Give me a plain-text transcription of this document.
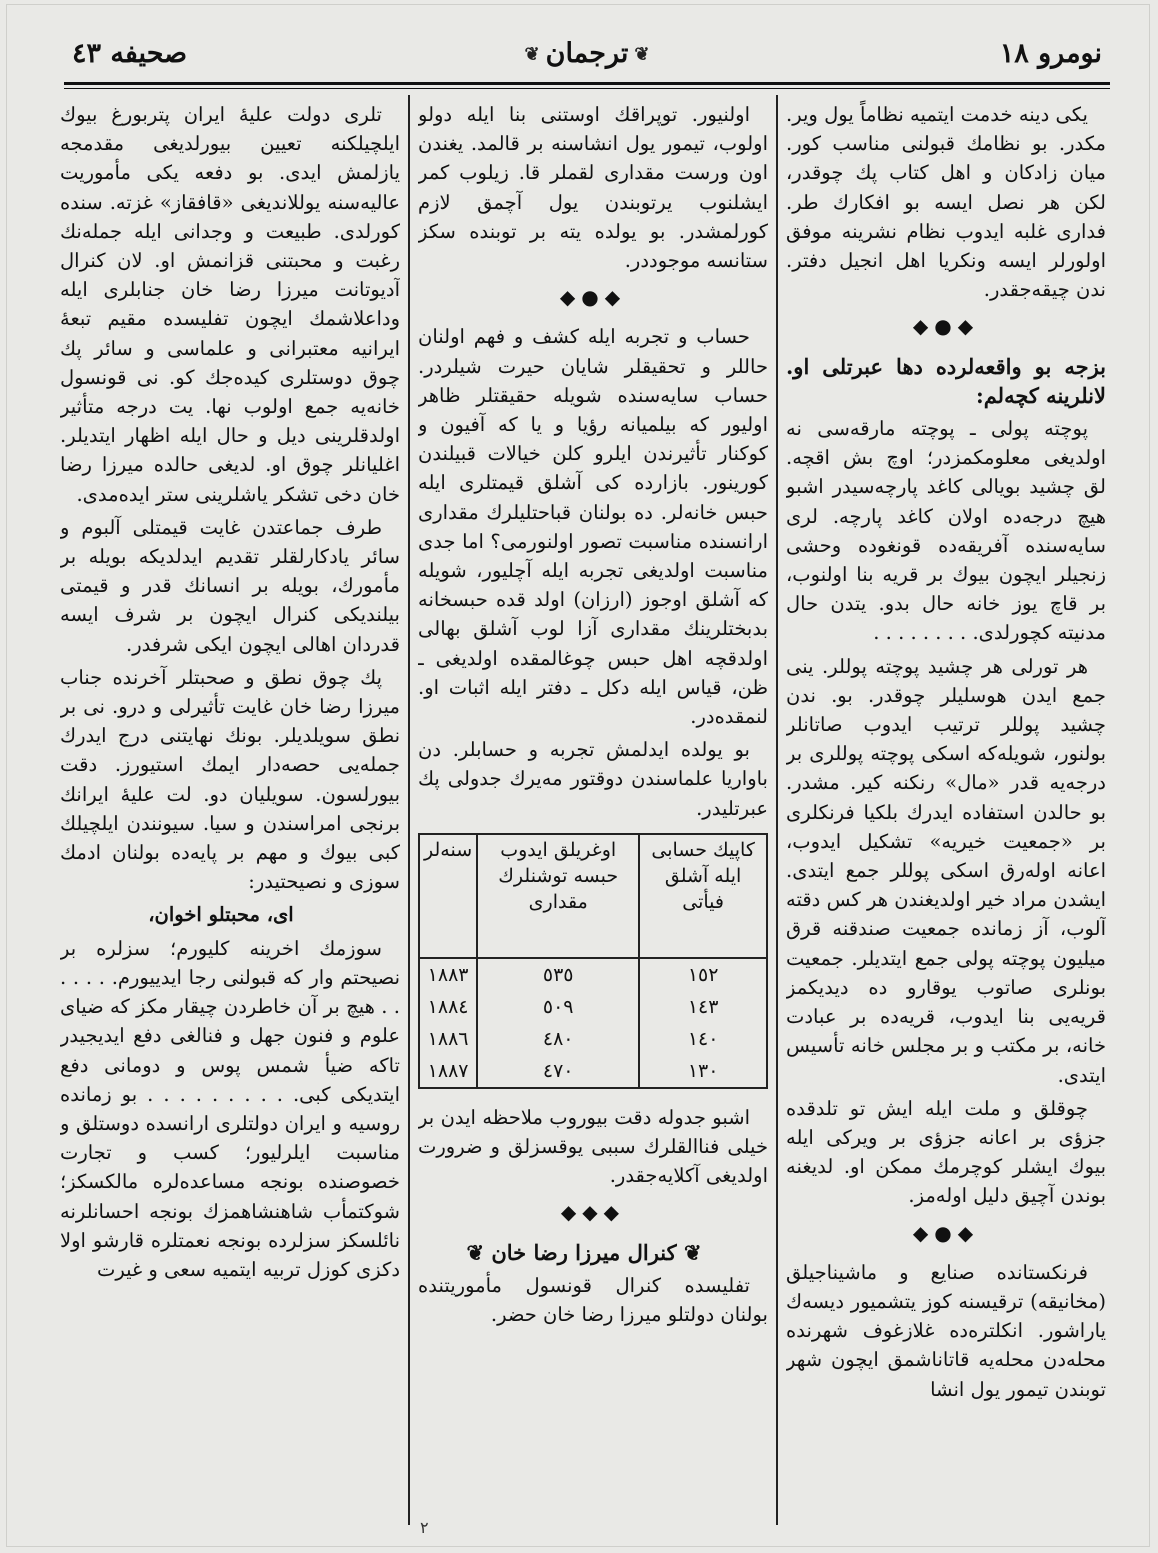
صحیفه ٤٣	❦ ترجمان ❦	نومرو ١٨

یکی دینه خدمت ایتمیه نظاماً یول ویر. مکدر. بو نظامك قبولنی مناسب کور. میان زادکان و اهل کتاب پك چوقدر، لکن هر نصل ایسه بو افکارك طر. فداری غلبه ایدوب نظام نشرینه موفق اولورلر ایسه ونکریا اهل انجیل دفتر. ندن چیقه‌جقدر.

◆●◆

بزجه بو واقعه‌لرده دها عبرتلی او. لانلرینه کچه‌لم:

پوچته پولی ـ پوچته مارقه‌سی نه اولدیغی معلومکمزدر؛ اوچ بش اقچه‌. لق چشید بویالی کاغد پارچه‌سیدر اشبو هیچ درجه‌ده اولان کاغد پارچه‌. لری سایه‌سنده آفریقه‌ده قونغوده وحشی زنجیلر ایچون بیوك بر قریه بنا اولنوب، بر قاچ یوز خانه حال بدو. یتدن حال مدنیته کچورلدی. . . . . . . . .

هر تورلی هر چشید پوچته پوللر. ینی جمع ایدن هوسلیلر چوقدر. بو. ندن چشید پوللر ترتیب ایدوب صاتانلر بولنور، شویله‌که اسکی پوچته پوللری بر درجه‌یه قدر «مال» رنکنه کیر. مشدر. بو حالدن استفاده ایدرك بلکیا فرنکلری بر «جمعیت خیریه» تشکیل ایدوب، اعانه اوله‌رق اسکی پوللر جمع ایتدی. ایشدن مراد خیر اولدیغندن هر کس دقته آلوب، آز زمانده جمعیت صندقنه قرق میلیون پوچته پولی جمع ایتدیلر. جمعیت بونلری صاتوب یوقارو ده دیدیکمز قریه‌یی بنا ایدوب، قریه‌ده بر عبادت خانه، بر مکتب و بر مجلس خانه تأسیس ایتدی.

چوقلق و ملت ایله ایش تو تلدقده جزؤی بر اعانه جزؤی بر ویرکی ایله بیوك ایشلر کوچرمك ممکن او. لدیغنه بوندن آچیق دلیل اوله‌مز.

◆●◆

فرنکستانده صنایع و ماشیناجیلق (مخانیقه) ترقیسنه کوز یتشمیور دیسه‌ك یاراشور. انکلتره‌ده غلازغوف شهرنده محله‌دن محله‌یه قاتاناشمق ایچون شهر توبندن تیمور یول انشا

اولنیور. توپراقك اوستنی بنا ایله دولو اولوب، تیمور یول انشاسنه بر قالمد. یغندن اون ورست مقداری لقملر قا. زیلوب کمر ایشلنوب یرتوبندن یول آچمق لازم کورلمشدر. بو یولده یته بر توبنده سکز ستانسه موجوددر.

◆●◆

حساب و تجربه ایله کشف و فهم اولنان حاللر و تحقیقلر شایان حیرت شیلردر. حساب سایه‌سنده شویله حقیقتلر ظاهر اولیور که بیلمیانه رؤیا و یا که آفیون و کوکنار تأثیرندن ایلرو کلن خیالات قبیلندن کورینور. بازارده کی آشلق قیمتلری ایله حبس خانه‌لر. ده بولنان قباحتلیلرك مقداری ارانسنده مناسبت تصور اولنورمی؟ اما جدی مناسبت اولدیغی تجربه ایله آچلیور، شویله که آشلق اوجوز (ارزان) اولد قده حبسخانه بدبختلرینك مقداری آزا لوب آشلق بهالی اولدقچه اهل حبس چوغالمقده اولدیغی ـ ظن، قیاس ایله دکل ـ دفتر ایله اثبات او. لنمقده‌در.

بو یولده ایدلمش تجربه و حسابلر. دن باواریا علماسندن دوقتور مه‌یرك جدولی پك عبرتلیدر.

کاپیك حسابی ایله آشلق فیأتی	اوغریلق ایدوب حبسه توشنلرك مقداری	سنه‌لر
١٥٢	٥٣٥	١٨٨٣
١٤٣	٥٠٩	١٨٨٤
١٤٠	٤٨٠	١٨٨٦
١٣٠	٤٧٠	١٨٨٧

اشبو جدوله دقت بیوروب ملاحظه ایدن بر خیلی فناالقلرك سببی یوقسزلق و ضرورت اولدیغی آکلایه‌جقدر.

◆◆◆

❦ کنرال میرزا رضا خان ❦

تفلیسده کنرال قونسول مأموریتنده بولنان دولتلو میرزا رضا خان حضر.

تلری دولت علیهٔ ایران پتربورغ بیوك ایلچیلکنه تعیین بیورلدیغی مقدمجه یازلمش ایدی. بو دفعه یکی مأموریت عالیه‌سنه یوللاندیغی «قافقاز» غزته. سنده کورلدی. طبیعت و وجدانی ایله جمله‌نك رغبت و محبتنی قزانمش او. لان کنرال آدیوتانت میرزا رضا خان جنابلری ایله وداعلاشمك ایچون تفلیسده مقیم تبعهٔ ایرانیه معتبرانی و علماسی و سائر پك چوق دوستلری کیده‌جك کو. نی قونسول خانه‌یه جمع اولوب نها. یت درجه متأثیر اولدقلرینی دیل و حال ایله اظهار ایتدیلر. اغلیانلر چوق او. لدیغی حالده میرزا رضا خان دخی تشکر یاشلرینی ستر ایده‌مدی.

طرف جماعتدن غایت قیمتلی آلبوم و سائر یادکارلقلر تقدیم ایدلدیکه بویله بر مأمورك، بویله بر انسانك قدر و قیمتی بیلندیکی کنرال ایچون بر شرف ایسه قدردان اهالی ایچون ایکی شرفدر.

پك چوق نطق و صحبتلر آخرنده جناب میرزا رضا خان غایت تأثیرلی و درو. نی بر نطق سویلدیلر. بونك نهایتنی درج ایدرك جمله‌یی حصه‌دار ایمك استیورز. دقت بیورلسون. سویلیان دو. لت علیهٔ ایرانك برنجی امراسندن و سیا. سیونندن ایلچیلك کبی بیوك و مهم بر پایه‌ده بولنان ادمك سوزی و نصیحتیدر:

ای، محبتلو اخوان،

سوزمك اخرینه کلیورم؛ سزلره بر نصیحتم وار که قبولنی رجا ایدییورم. . . . . . . هیچ بر آن خاطردن چیقار مکز که ضیای علوم و فنون جهل و فنالغی دفع ایدیجیدر تاکه ضیأ شمس پوس و دومانی دفع ایتدیکی کبی. . . . . . . . . . بو زمانده روسیه و ایران دولتلری ارانسده دوستلق و مناسبت ایلرلیور؛ کسب و تجارت خصوصنده بونجه مساعده‌لره مالکسکز؛ شوکتمأب شاهنشاهمزك بونجه احسانلرنه نائلسکز سزلرده بونجه نعمتلره قارشو اولا دکزی کوزل تربیه ایتمیه سعی و غیرت

٢
